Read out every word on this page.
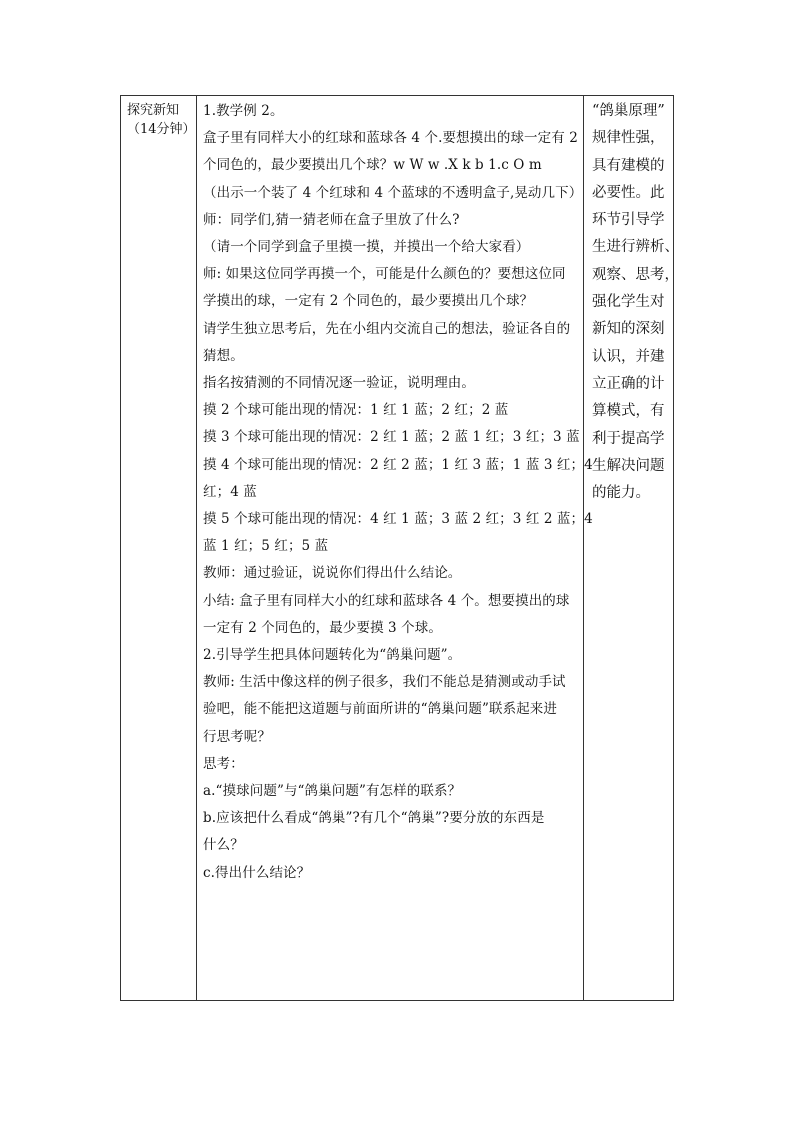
探究新知
（14分钟）
1.教学例 2。
盒子里有同样大小的红球和蓝球各 4 个.要想摸出的球一定有 2
个同色的，最少要摸出几个球？w W w .X k b 1.c O m
（出示一个装了 4 个红球和 4 个蓝球的不透明盒子,晃动几下）
师：同学们,猜一猜老师在盒子里放了什么?
（请一个同学到盒子里摸一摸，并摸出一个给大家看）
师: 如果这位同学再摸一个，可能是什么颜色的？要想这位同
学摸出的球，一定有 2 个同色的，最少要摸出几个球？
请学生独立思考后，先在小组内交流自己的想法，验证各自的
猜想。
指名按猜测的不同情况逐一验证，说明理由。
摸 2 个球可能出现的情况：1 红 1 蓝；2 红；2 蓝
摸 3 个球可能出现的情况：2 红 1 蓝；2 蓝 1 红；3 红；3 蓝
摸 4 个球可能出现的情况：2 红 2 蓝；1 红 3 蓝；1 蓝 3 红；4
红；4 蓝
摸 5 个球可能出现的情况：4 红 1 蓝；3 蓝 2 红；3 红 2 蓝；4
蓝 1 红；5 红；5 蓝
教师：通过验证，说说你们得出什么结论。
小结: 盒子里有同样大小的红球和蓝球各 4 个。想要摸出的球
一定有 2 个同色的，最少要摸 3 个球。
2.引导学生把具体问题转化为“鸽巢问题”。
教师: 生活中像这样的例子很多，我们不能总是猜测或动手试
验吧，能不能把这道题与前面所讲的“鸽巢问题”联系起来进
行思考呢？
思考：
a.“摸球问题”与“鸽巢问题”有怎样的联系？
b.应该把什么看成“鸽巢”?有几个“鸽巢”?要分放的东西是
什么？
c.得出什么结论？
“鸽巢原理”
规律性强，
具有建模的
必要性。此
环节引导学
生进行辨析、
观察、思考，
强化学生对
新知的深刻
认识，并建
立正确的计
算模式，有
利于提高学
生解决问题
的能力。
